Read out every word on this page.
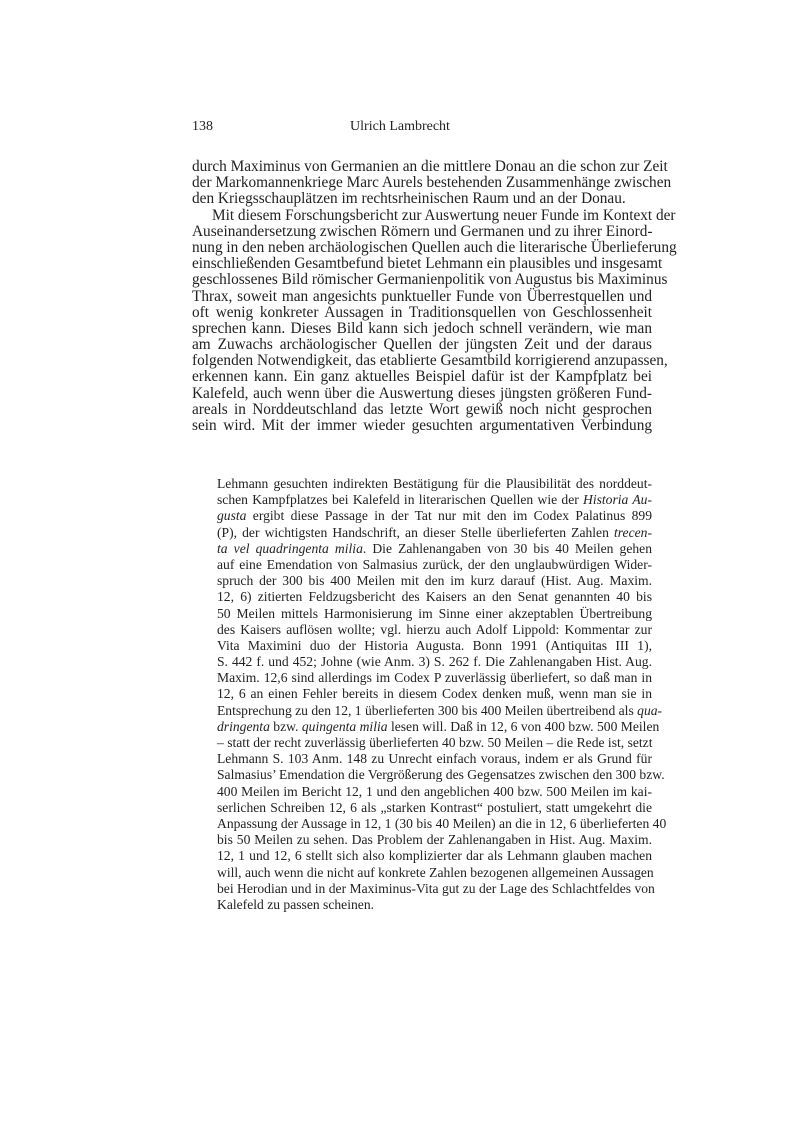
138	Ulrich Lambrecht
durch Maximinus von Germanien an die mittlere Donau an die schon zur Zeit
der Markomannenkriege Marc Aurels bestehenden Zusammenhänge zwischen
den Kriegsschauplätzen im rechtsrheinischen Raum und an der Donau.
Mit diesem Forschungsbericht zur Auswertung neuer Funde im Kontext der
Auseinandersetzung zwischen Römern und Germanen und zu ihrer Einord-
nung in den neben archäologischen Quellen auch die literarische Überlieferung
einschließenden Gesamtbefund bietet Lehmann ein plausibles und insgesamt
geschlossenes Bild römischer Germanienpolitik von Augustus bis Maximinus
Thrax, soweit man angesichts punktueller Funde von Überrestquellen und
oft wenig konkreter Aussagen in Traditionsquellen von Geschlossenheit
sprechen kann. Dieses Bild kann sich jedoch schnell verändern, wie man
am Zuwachs archäologischer Quellen der jüngsten Zeit und der daraus
folgenden Notwendigkeit, das etablierte Gesamtbild korrigierend anzupassen,
erkennen kann. Ein ganz aktuelles Beispiel dafür ist der Kampfplatz bei
Kalefeld, auch wenn über die Auswertung dieses jüngsten größeren Fund-
areals in Norddeutschland das letzte Wort gewiß noch nicht gesprochen
sein wird. Mit der immer wieder gesuchten argumentativen Verbindung
Lehmann gesuchten indirekten Bestätigung für die Plausibilität des norddeut-
schen Kampfplatzes bei Kalefeld in literarischen Quellen wie der Historia Au-
gusta ergibt diese Passage in der Tat nur mit den im Codex Palatinus 899
(P), der wichtigsten Handschrift, an dieser Stelle überlieferten Zahlen trecen-
ta vel quadringenta milia. Die Zahlenangaben von 30 bis 40 Meilen gehen
auf eine Emendation von Salmasius zurück, der den unglaubwürdigen Wider-
spruch der 300 bis 400 Meilen mit den im kurz darauf (Hist. Aug. Maxim.
12, 6) zitierten Feldzugsbericht des Kaisers an den Senat genannten 40 bis
50 Meilen mittels Harmonisierung im Sinne einer akzeptablen Übertreibung
des Kaisers auflösen wollte; vgl. hierzu auch Adolf Lippold: Kommentar zur
Vita Maximini duo der Historia Augusta. Bonn 1991 (Antiquitas III 1),
S. 442 f. und 452; Johne (wie Anm. 3) S. 262 f. Die Zahlenangaben Hist. Aug.
Maxim. 12,6 sind allerdings im Codex P zuverlässig überliefert, so daß man in
12, 6 an einen Fehler bereits in diesem Codex denken muß, wenn man sie in
Entsprechung zu den 12, 1 überlieferten 300 bis 400 Meilen übertreibend als qua-
dringenta bzw. quingenta milia lesen will. Daß in 12, 6 von 400 bzw. 500 Meilen
– statt der recht zuverlässig überlieferten 40 bzw. 50 Meilen – die Rede ist, setzt
Lehmann S. 103 Anm. 148 zu Unrecht einfach voraus, indem er als Grund für
Salmasius’ Emendation die Vergrößerung des Gegensatzes zwischen den 300 bzw.
400 Meilen im Bericht 12, 1 und den angeblichen 400 bzw. 500 Meilen im kai-
serlichen Schreiben 12, 6 als „starken Kontrast“ postuliert, statt umgekehrt die
Anpassung der Aussage in 12, 1 (30 bis 40 Meilen) an die in 12, 6 überlieferten 40
bis 50 Meilen zu sehen. Das Problem der Zahlenangaben in Hist. Aug. Maxim.
12, 1 und 12, 6 stellt sich also komplizierter dar als Lehmann glauben machen
will, auch wenn die nicht auf konkrete Zahlen bezogenen allgemeinen Aussagen
bei Herodian und in der Maximinus-Vita gut zu der Lage des Schlachtfeldes von
Kalefeld zu passen scheinen.
